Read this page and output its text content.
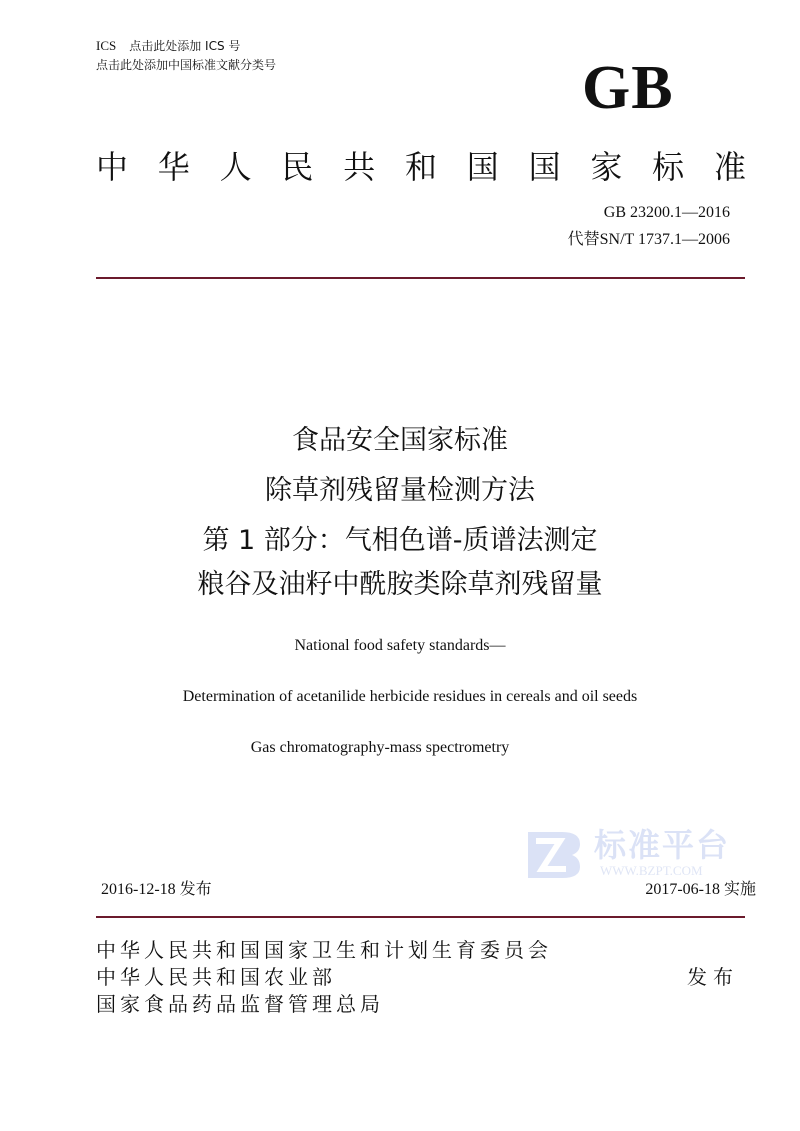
ICS 点击此处添加 ICS 号
点击此处添加中国标准文献分类号	GB
中 华 人 民 共 和 国 国 家 标 准
GB 23200.1—2016
代替SN/T 1737.1—2006
食品安全国家标准
除草剂残留量检测方法
第 1 部分：气相色谱-质谱法测定
粮谷及油籽中酰胺类除草剂残留量
National food safety standards—
Determination of acetanilide herbicide residues in cereals and oil seeds
Gas chromatography-mass spectrometry
标准平台
WWW.BZPT.COM
2016-12-18 发布	2017-06-18 实施
中华人民共和国国家卫生和计划生育委员会
中华人民共和国农业部
国家食品药品监督管理总局
发布
